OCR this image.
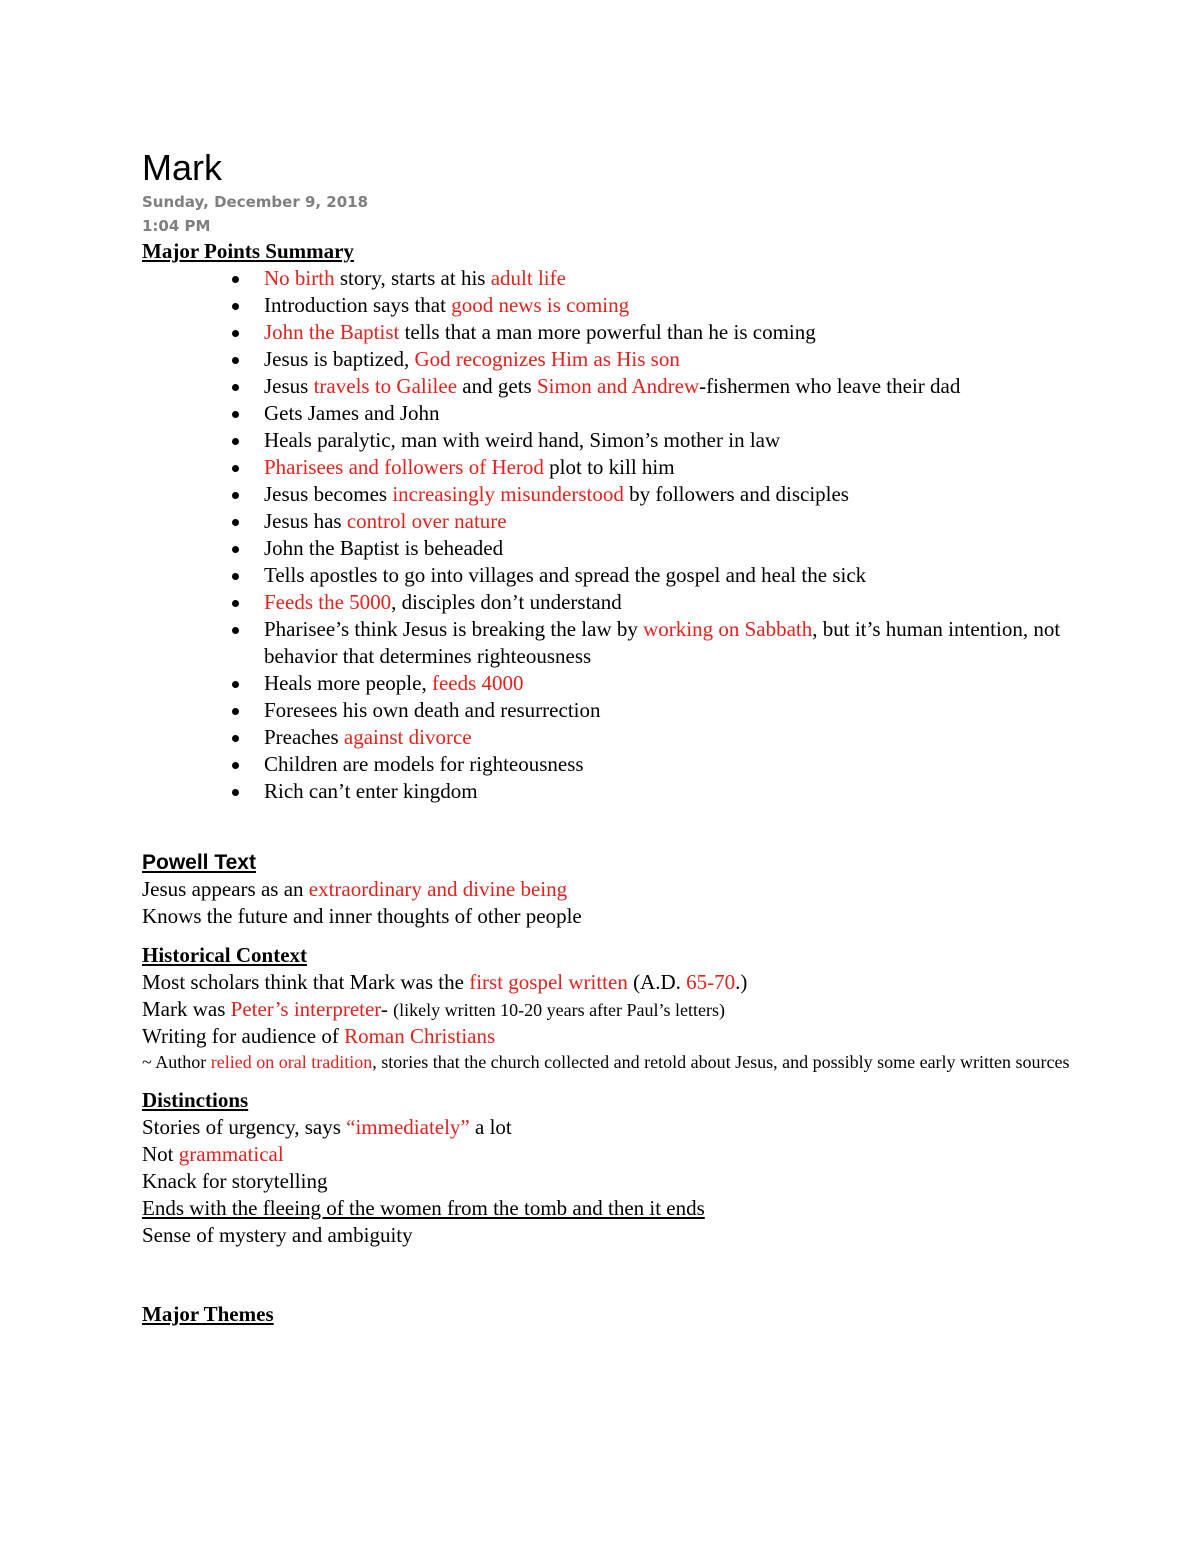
Mark
Sunday, December 9, 2018
1:04 PM
Major Points Summary
No birth story, starts at his adult life
Introduction says that good news is coming
John the Baptist tells that a man more powerful than he is coming
Jesus is baptized, God recognizes Him as His son
Jesus travels to Galilee and gets Simon and Andrew-fishermen who leave their dad
Gets James and John
Heals paralytic, man with weird hand, Simon’s mother in law
Pharisees and followers of Herod plot to kill him
Jesus becomes increasingly misunderstood by followers and disciples
Jesus has control over nature
John the Baptist is beheaded
Tells apostles to go into villages and spread the gospel and heal the sick
Feeds the 5000, disciples don’t understand
Pharisee’s think Jesus is breaking the law by working on Sabbath, but it’s human intention, not behavior that determines righteousness
Heals more people, feeds 4000
Foresees his own death and resurrection
Preaches against divorce
Children are models for righteousness
Rich can’t enter kingdom
Powell Text
Jesus appears as an extraordinary and divine being
Knows the future and inner thoughts of other people
Historical Context
Most scholars think that Mark was the first gospel written (A.D. 65-70.)
Mark was Peter’s interpreter- (likely written 10-20 years after Paul’s letters)
Writing for audience of Roman Christians
~ Author relied on oral tradition, stories that the church collected and retold about Jesus, and possibly some early written sources
Distinctions
Stories of urgency, says “immediately” a lot
Not grammatical
Knack for storytelling
Ends with the fleeing of the women from the tomb and then it ends
Sense of mystery and ambiguity
Major Themes
